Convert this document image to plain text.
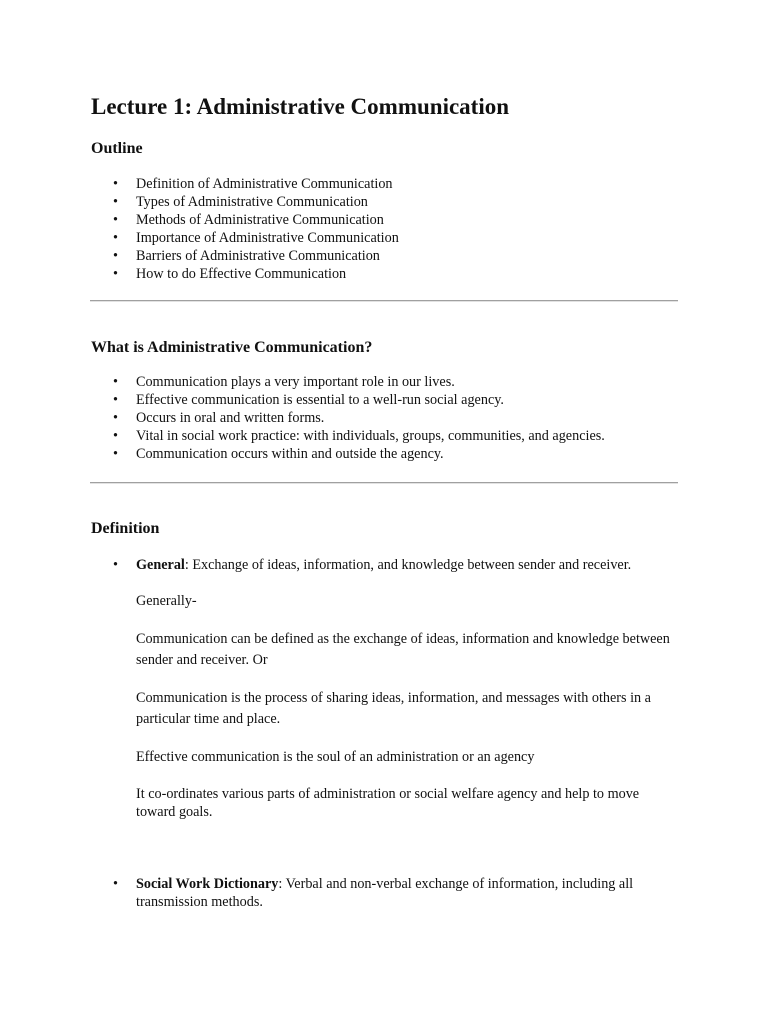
Lecture 1: Administrative Communication
Outline
• Definition of Administrative Communication
• Types of Administrative Communication
• Methods of Administrative Communication
• Importance of Administrative Communication
• Barriers of Administrative Communication
• How to do Effective Communication
What is Administrative Communication?
• Communication plays a very important role in our lives.
• Effective communication is essential to a well-run social agency.
• Occurs in oral and written forms.
• Vital in social work practice: with individuals, groups, communities, and agencies.
• Communication occurs within and outside the agency.
Definition
• General: Exchange of ideas, information, and knowledge between sender and receiver.

Generally-

Communication can be defined as the exchange of ideas, information and knowledge between sender and receiver. Or

Communication is the process of sharing ideas, information, and messages with others in a particular time and place.

Effective communication is the soul of an administration or an agency

It co-ordinates various parts of administration or social welfare agency and help to move toward goals.

• Social Work Dictionary: Verbal and non-verbal exchange of information, including all transmission methods.
